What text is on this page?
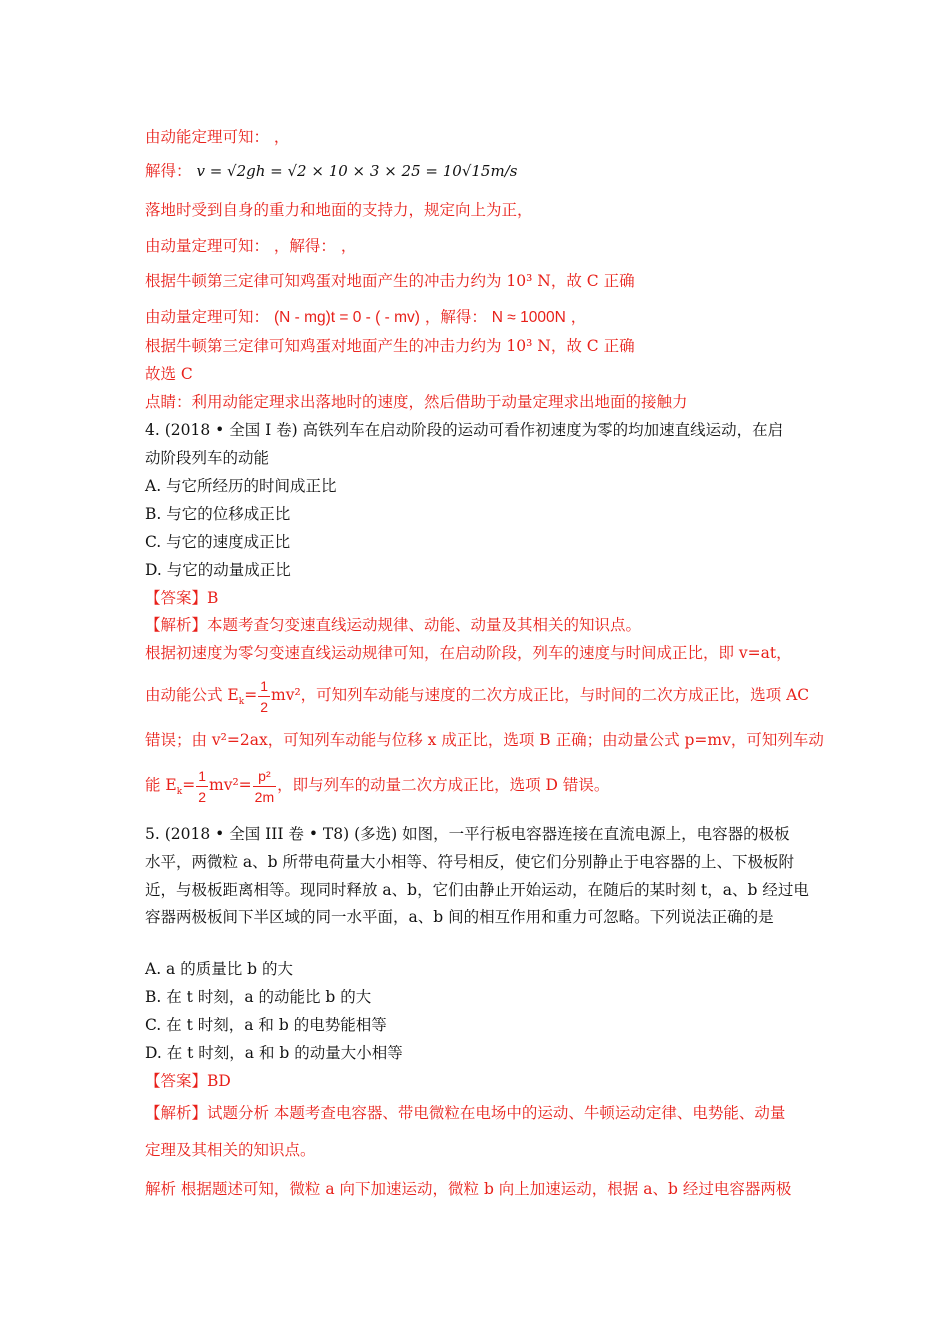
由动能定理可知： ，
解得： v = √2gh = √2 × 10 × 3 × 25 = 10√15m/s
落地时受到自身的重力和地面的支持力，规定向上为正，
由动量定理可知： ，解得： ，
根据牛顿第三定律可知鸡蛋对地面产生的冲击力约为 10³ N，故 C 正确
由动量定理可知： (N - mg)t = 0 - ( - mv) ，解得： N ≈ 1000N ，
根据牛顿第三定律可知鸡蛋对地面产生的冲击力约为 10³ N，故 C 正确
故选 C
点睛：利用动能定理求出落地时的速度，然后借助于动量定理求出地面的接触力
4. (2018 • 全国 I 卷) 高铁列车在启动阶段的运动可看作初速度为零的均加速直线运动，在启
动阶段列车的动能
A. 与它所经历的时间成正比
B. 与它的位移成正比
C. 与它的速度成正比
D. 与它的动量成正比
【答案】B
【解析】本题考查匀变速直线运动规律、动能、动量及其相关的知识点。
根据初速度为零匀变速直线运动规律可知，在启动阶段，列车的速度与时间成正比，即 v=at，
由动能公式 $E_k= \frac{1}{2} mv^2$，可知列车动能与速度的二次方成正比，与时间的二次方成正比，选项 AC
错误；由 v²=2ax，可知列车动能与位移 x 成正比，选项 B 正确；由动量公式 p=mv，可知列车动
能 $E_k= \frac{1}{2} mv^2= \frac{\text{p²}}{2m}$ ，即与列车的动量二次方成正比，选项 D 错误。
5. (2018 • 全国 III 卷 • T8) (多选) 如图，一平行板电容器连接在直流电源上，电容器的极板
水平，两微粒 a、b 所带电荷量大小相等、符号相反，使它们分别静止于电容器的上、下极板附
近，与极板距离相等。现同时释放 a、b，它们由静止开始运动，在随后的某时刻 t，a、b 经过电
容器两极板间下半区域的同一水平面，a、b 间的相互作用和重力可忽略。下列说法正确的是
A. a 的质量比 b 的大
B. 在 t 时刻，a 的动能比 b 的大
C. 在 t 时刻，a 和 b 的电势能相等
D. 在 t 时刻，a 和 b 的动量大小相等
【答案】BD
【解析】试题分析 本题考查电容器、带电微粒在电场中的运动、牛顿运动定律、电势能、动量
定理及其相关的知识点。
解析 根据题述可知，微粒 a 向下加速运动，微粒 b 向上加速运动，根据 a、b 经过电容器两极
